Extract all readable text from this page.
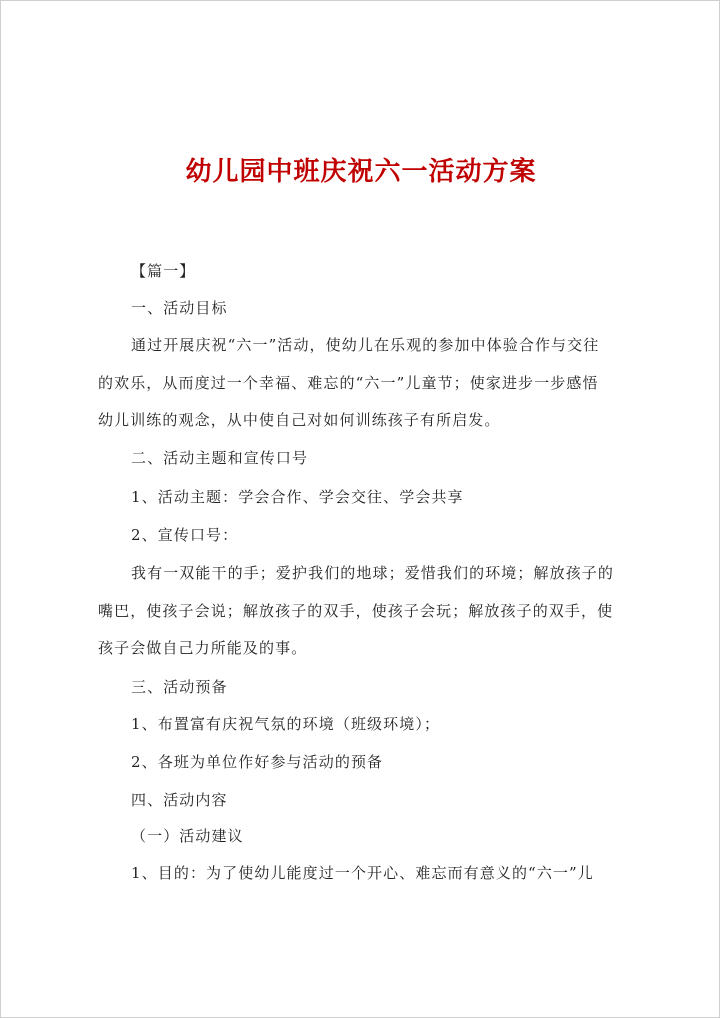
幼儿园中班庆祝六一活动方案
【篇一】
一、活动目标
通过开展庆祝“六一”活动，使幼儿在乐观的参加中体验合作与交往
的欢乐，从而度过一个幸福、难忘的“六一”儿童节；使家进步一步感悟
幼儿训练的观念，从中使自己对如何训练孩子有所启发。
二、活动主题和宣传口号
1、活动主题：学会合作、学会交往、学会共享
2、宣传口号：
我有一双能干的手；爱护我们的地球；爱惜我们的环境；解放孩子的
嘴巴，使孩子会说；解放孩子的双手，使孩子会玩；解放孩子的双手，使
孩子会做自己力所能及的事。
三、活动预备
1、布置富有庆祝气氛的环境（班级环境）；
2、各班为单位作好参与活动的预备
四、活动内容
（一）活动建议
1、目的：为了使幼儿能度过一个开心、难忘而有意义的“六一”儿
